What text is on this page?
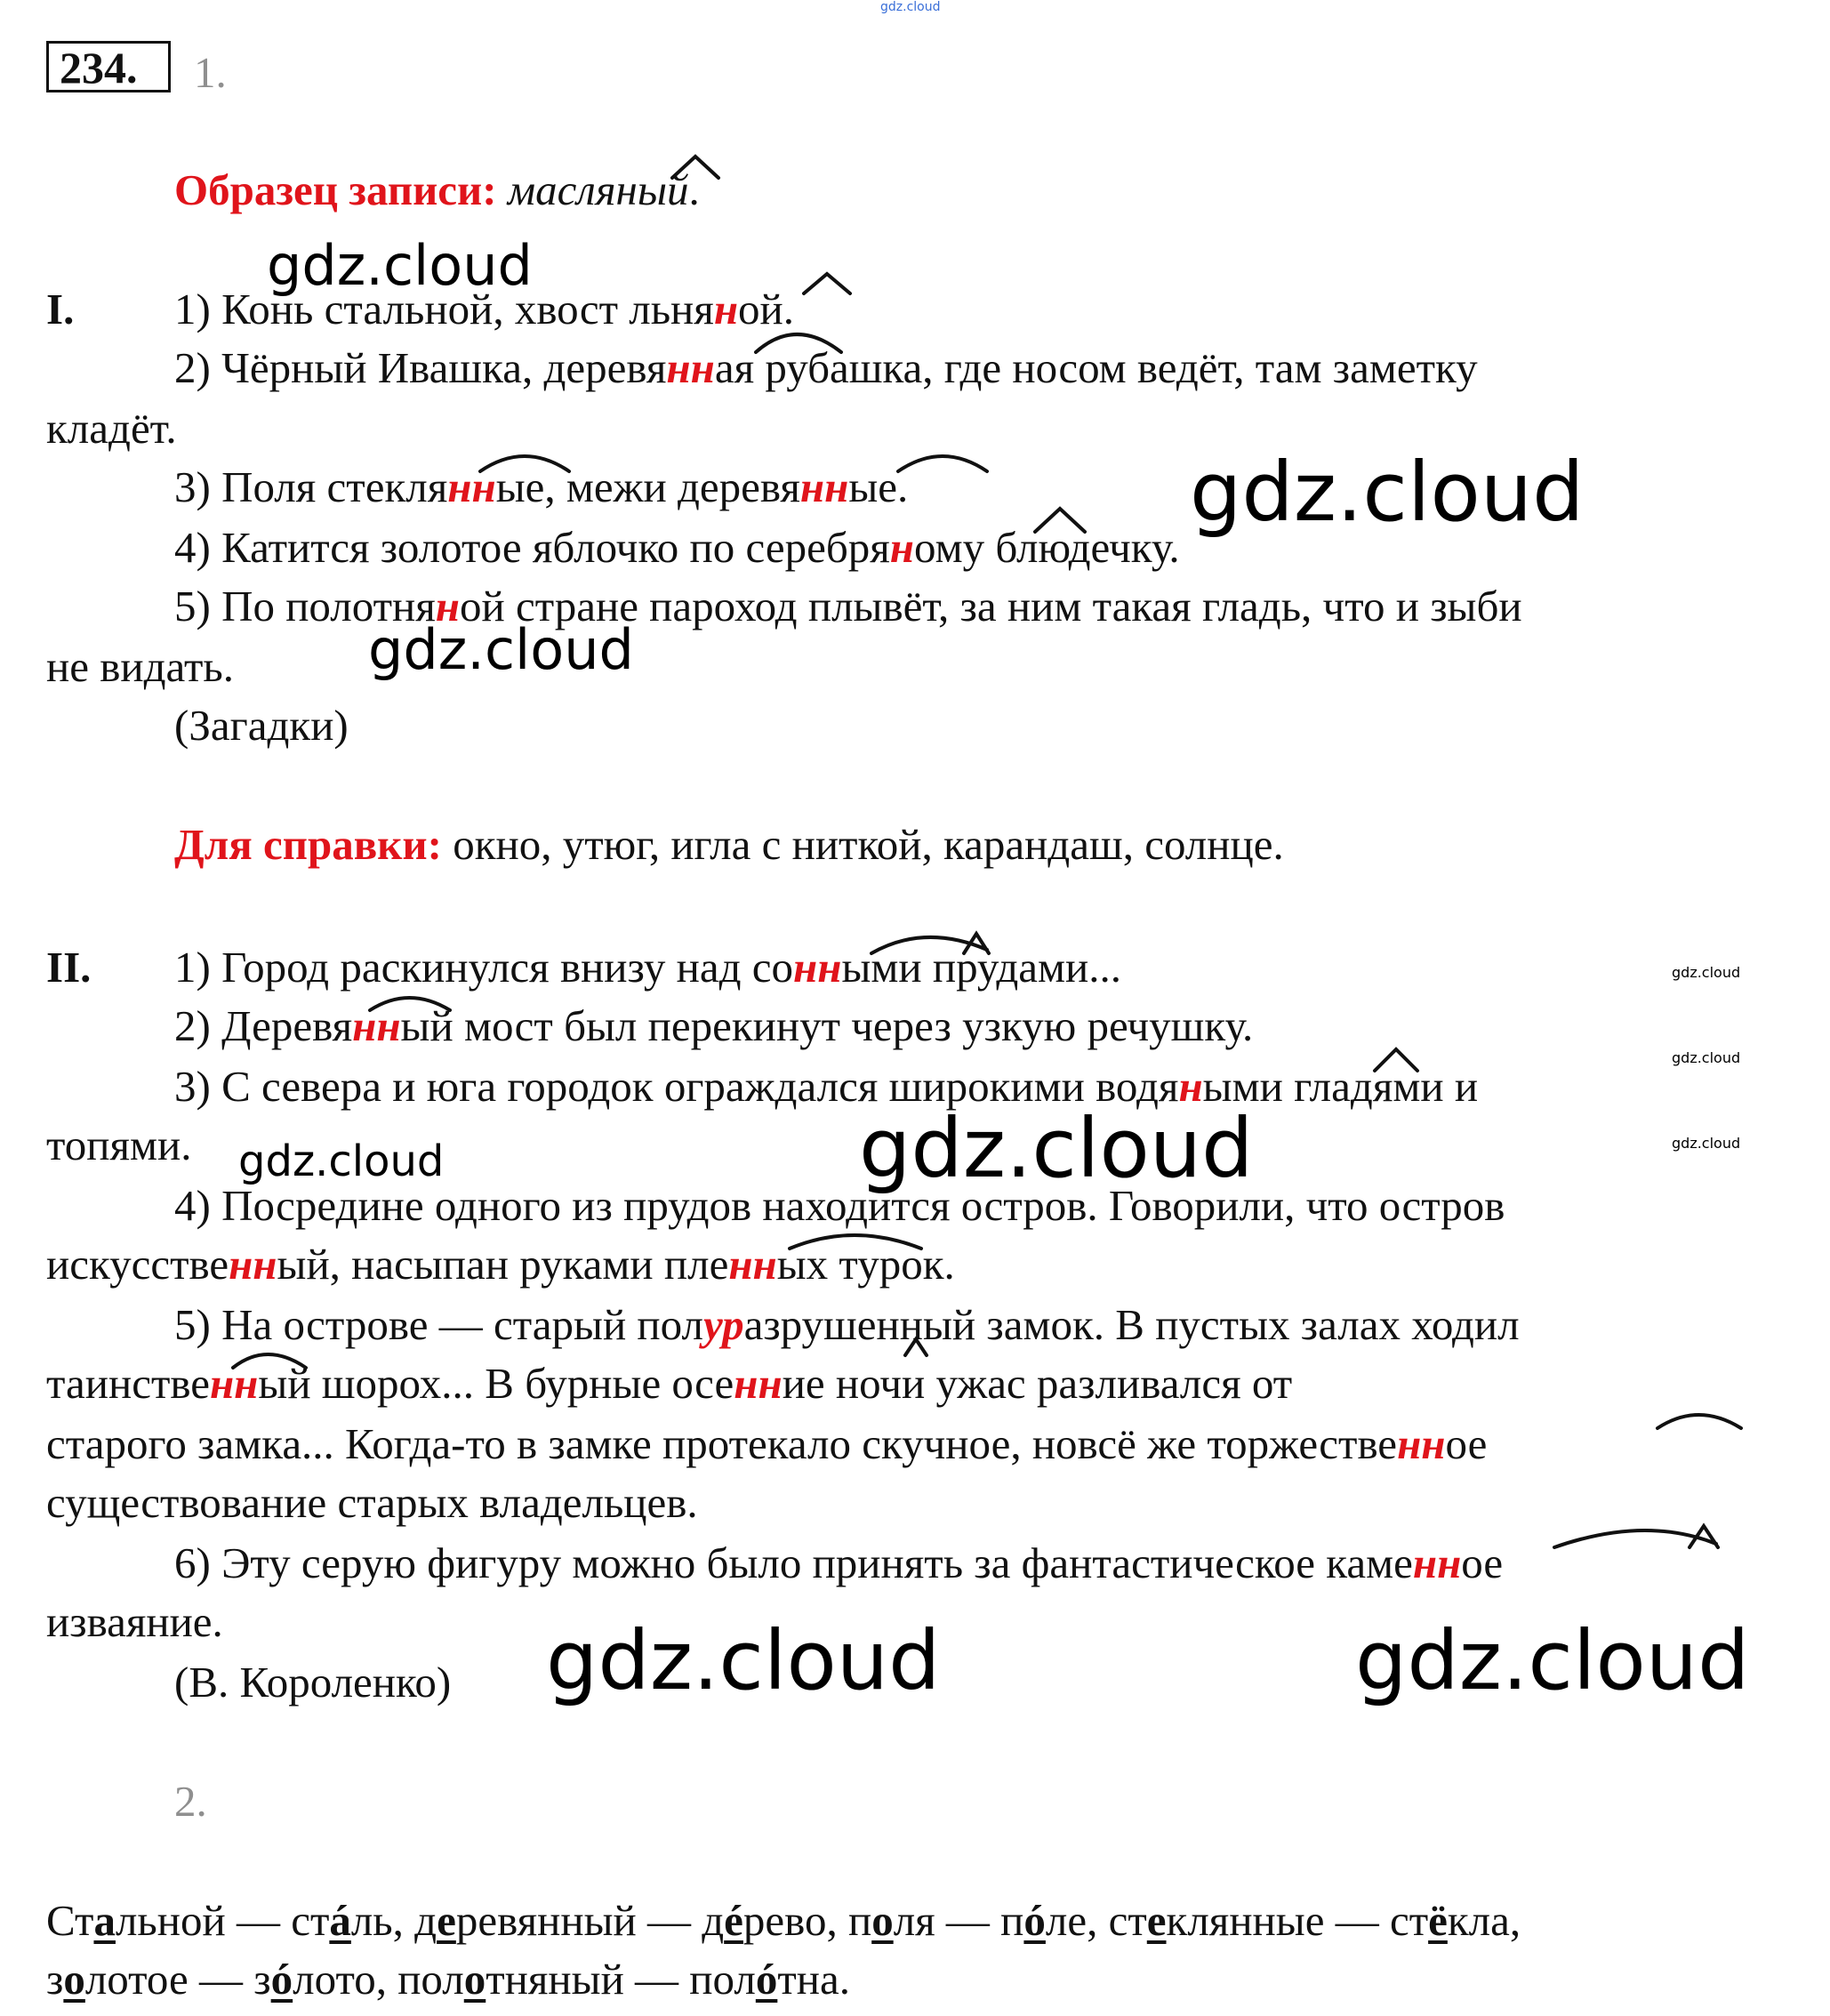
gdz.cloud
234.	1.
Образец записи: масляный.
I. 1) Конь стальной, хвост льняной.
2) Чёрный Ивашка, деревянная рубашка, где носом ведёт, там заметку
кладёт.
3) Поля стеклянные, межи деревянные.
4) Катится золотое яблочко по серебряному блюдечку.
5) По полотняной стране пароход плывёт, за ним такая гладь, что и зыби
не видать.
(Загадки)
Для справки: окно, утюг, игла с ниткой, карандаш, солнце.
II. 1) Город раскинулся внизу над сонными прудами...
2) Деревянный мост был перекинут через узкую речушку.
3) С севера и юга городок ограждался широкими водяными гладями и
топями.
4) Посредине одного из прудов находится остров. Говорили, что остров
искусственный, насыпан руками пленных турок.
5) На острове — старый полуразрушенный замок. В пустых залах ходил
таинственный шорох... В бурные осенние ночи ужас разливался от
старого замка... Когда-то в замке протекало скучное, новсё же торжественное
существование старых владельцев.
6) Эту серую фигуру можно было принять за фантастическое каменное
изваяние.
(В. Короленко)
2.
Стальной — стáль, деревянный — дéрево, поля — пóле, стеклянные — стёкла,
золотое — зóлото, полотняный — полóтна.
gdz.cloud
gdz.cloud
gdz.cloud
gdz.cloud
gdz.cloud
gdz.cloud
gdz.cloud	gdz.cloud
gdz.cloud	gdz.cloud
